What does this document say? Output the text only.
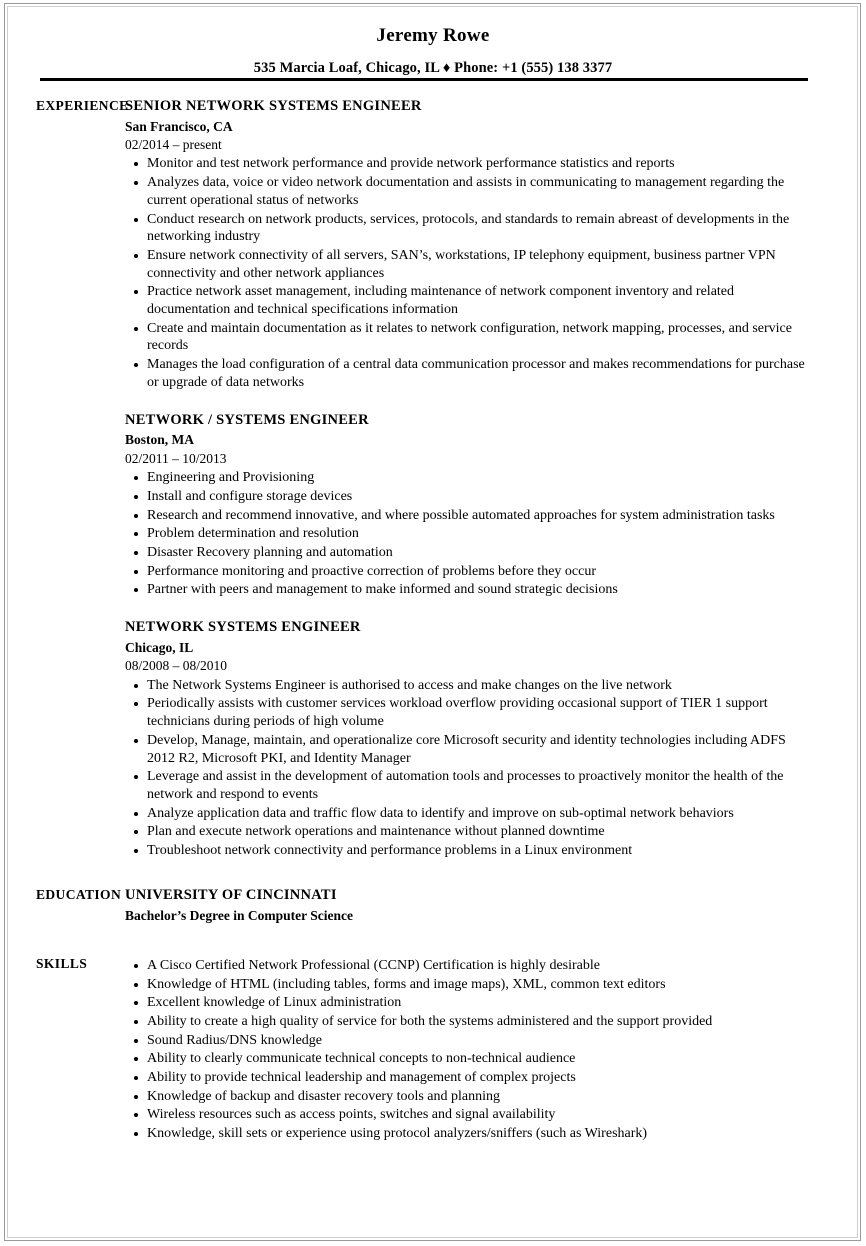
Jeremy Rowe
535 Marcia Loaf, Chicago, IL ♦ Phone: +1 (555) 138 3377
EXPERIENCE
SENIOR NETWORK SYSTEMS ENGINEER
San Francisco, CA
02/2014 – present
Monitor and test network performance and provide network performance statistics and reports
Analyzes data, voice or video network documentation and assists in communicating to management regarding the current operational status of networks
Conduct research on network products, services, protocols, and standards to remain abreast of developments in the networking industry
Ensure network connectivity of all servers, SAN’s, workstations, IP telephony equipment, business partner VPN connectivity and other network appliances
Practice network asset management, including maintenance of network component inventory and related documentation and technical specifications information
Create and maintain documentation as it relates to network configuration, network mapping, processes, and service records
Manages the load configuration of a central data communication processor and makes recommendations for purchase or upgrade of data networks
NETWORK / SYSTEMS ENGINEER
Boston, MA
02/2011 – 10/2013
Engineering and Provisioning
Install and configure storage devices
Research and recommend innovative, and where possible automated approaches for system administration tasks
Problem determination and resolution
Disaster Recovery planning and automation
Performance monitoring and proactive correction of problems before they occur
Partner with peers and management to make informed and sound strategic decisions
NETWORK SYSTEMS ENGINEER
Chicago, IL
08/2008 – 08/2010
The Network Systems Engineer is authorised to access and make changes on the live network
Periodically assists with customer services workload overflow providing occasional support of TIER 1 support technicians during periods of high volume
Develop, Manage, maintain, and operationalize core Microsoft security and identity technologies including ADFS 2012 R2, Microsoft PKI, and Identity Manager
Leverage and assist in the development of automation tools and processes to proactively monitor the health of the network and respond to events
Analyze application data and traffic flow data to identify and improve on sub-optimal network behaviors
Plan and execute network operations and maintenance without planned downtime
Troubleshoot network connectivity and performance problems in a Linux environment
EDUCATION UNIVERSITY OF CINCINNATI
Bachelor’s Degree in Computer Science
SKILLS	A Cisco Certified Network Professional (CCNP) Certification is highly desirable
Knowledge of HTML (including tables, forms and image maps), XML, common text editors
Excellent knowledge of Linux administration
Ability to create a high quality of service for both the systems administered and the support provided
Sound Radius/DNS knowledge
Ability to clearly communicate technical concepts to non-technical audience
Ability to provide technical leadership and management of complex projects
Knowledge of backup and disaster recovery tools and planning
Wireless resources such as access points, switches and signal availability
Knowledge, skill sets or experience using protocol analyzers/sniffers (such as Wireshark)
